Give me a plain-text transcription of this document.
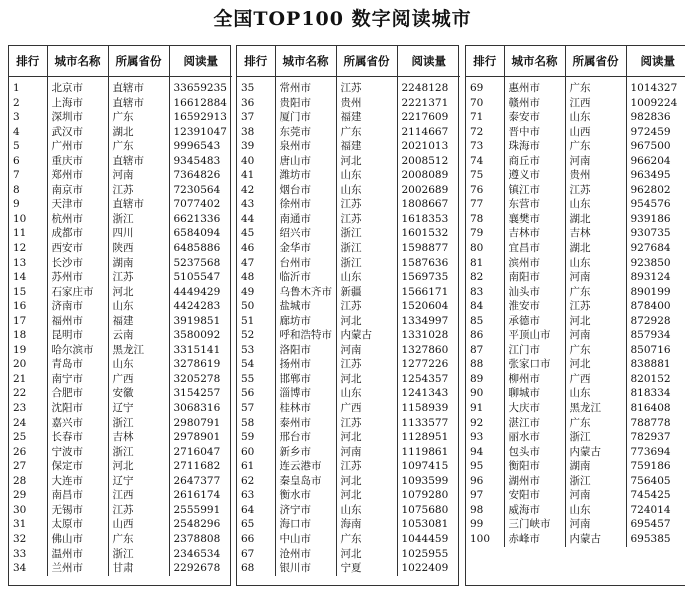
全国TOP100 数字阅读城市
排行	城市名称	所属省份	阅读量
1	北京市	直辖市	33659235
2	上海市	直辖市	16612884
3	深圳市	广东	16592913
4	武汉市	湖北	12391047
5	广州市	广东	9996543
6	重庆市	直辖市	9345483
7	郑州市	河南	7364826
8	南京市	江苏	7230564
9	天津市	直辖市	7077402
10	杭州市	浙江	6621336
11	成都市	四川	6584094
12	西安市	陕西	6485886
13	长沙市	湖南	5237568
14	苏州市	江苏	5105547
15	石家庄市	河北	4449429
16	济南市	山东	4424283
17	福州市	福建	3919851
18	昆明市	云南	3580092
19	哈尔滨市	黑龙江	3315141
20	青岛市	山东	3278619
21	南宁市	广西	3205278
22	合肥市	安徽	3154257
23	沈阳市	辽宁	3068316
24	嘉兴市	浙江	2980791
25	长春市	吉林	2978901
26	宁波市	浙江	2716047
27	保定市	河北	2711682
28	大连市	辽宁	2647377
29	南昌市	江西	2616174
30	无锡市	江苏	2555991
31	太原市	山西	2548296
32	佛山市	广东	2378808
33	温州市	浙江	2346534
34	兰州市	甘肃	2292678
排行	城市名称	所属省份	阅读量
35	常州市	江苏	2248128
36	贵阳市	贵州	2221371
37	厦门市	福建	2217609
38	东莞市	广东	2114667
39	泉州市	福建	2021013
40	唐山市	河北	2008512
41	潍坊市	山东	2008089
42	烟台市	山东	2002689
43	徐州市	江苏	1808667
44	南通市	江苏	1618353
45	绍兴市	浙江	1601532
46	金华市	浙江	1598877
47	台州市	浙江	1587636
48	临沂市	山东	1569735
49	乌鲁木齐市	新疆	1566171
50	盐城市	江苏	1520604
51	廊坊市	河北	1334997
52	呼和浩特市	内蒙古	1331028
53	洛阳市	河南	1327860
54	扬州市	江苏	1277226
55	邯郸市	河北	1254357
56	淄博市	山东	1241343
57	桂林市	广西	1158939
58	泰州市	江苏	1133577
59	邢台市	河北	1128951
60	新乡市	河南	1119861
61	连云港市	江苏	1097415
62	秦皇岛市	河北	1093599
63	衡水市	河北	1079280
64	济宁市	山东	1075680
65	海口市	海南	1053081
66	中山市	广东	1044459
67	沧州市	河北	1025955
68	银川市	宁夏	1022409
排行	城市名称	所属省份	阅读量
69	惠州市	广东	1014327
70	赣州市	江西	1009224
71	泰安市	山东	982836
72	晋中市	山西	972459
73	珠海市	广东	967500
74	商丘市	河南	966204
75	遵义市	贵州	963495
76	镇江市	江苏	962802
77	东营市	山东	954576
78	襄樊市	湖北	939186
79	吉林市	吉林	930735
80	宜昌市	湖北	927684
81	滨州市	山东	923850
82	南阳市	河南	893124
83	汕头市	广东	890199
84	淮安市	江苏	878400
85	承德市	河北	872928
86	平顶山市	河南	857934
87	江门市	广东	850716
88	张家口市	河北	838881
89	柳州市	广西	820152
90	聊城市	山东	818334
91	大庆市	黑龙江	816408
92	湛江市	广东	788778
93	丽水市	浙江	782937
94	包头市	内蒙古	773694
95	衡阳市	湖南	759186
96	湖州市	浙江	756405
97	安阳市	河南	745425
98	威海市	山东	724014
99	三门峡市	河南	695457
100	赤峰市	内蒙古	695385
